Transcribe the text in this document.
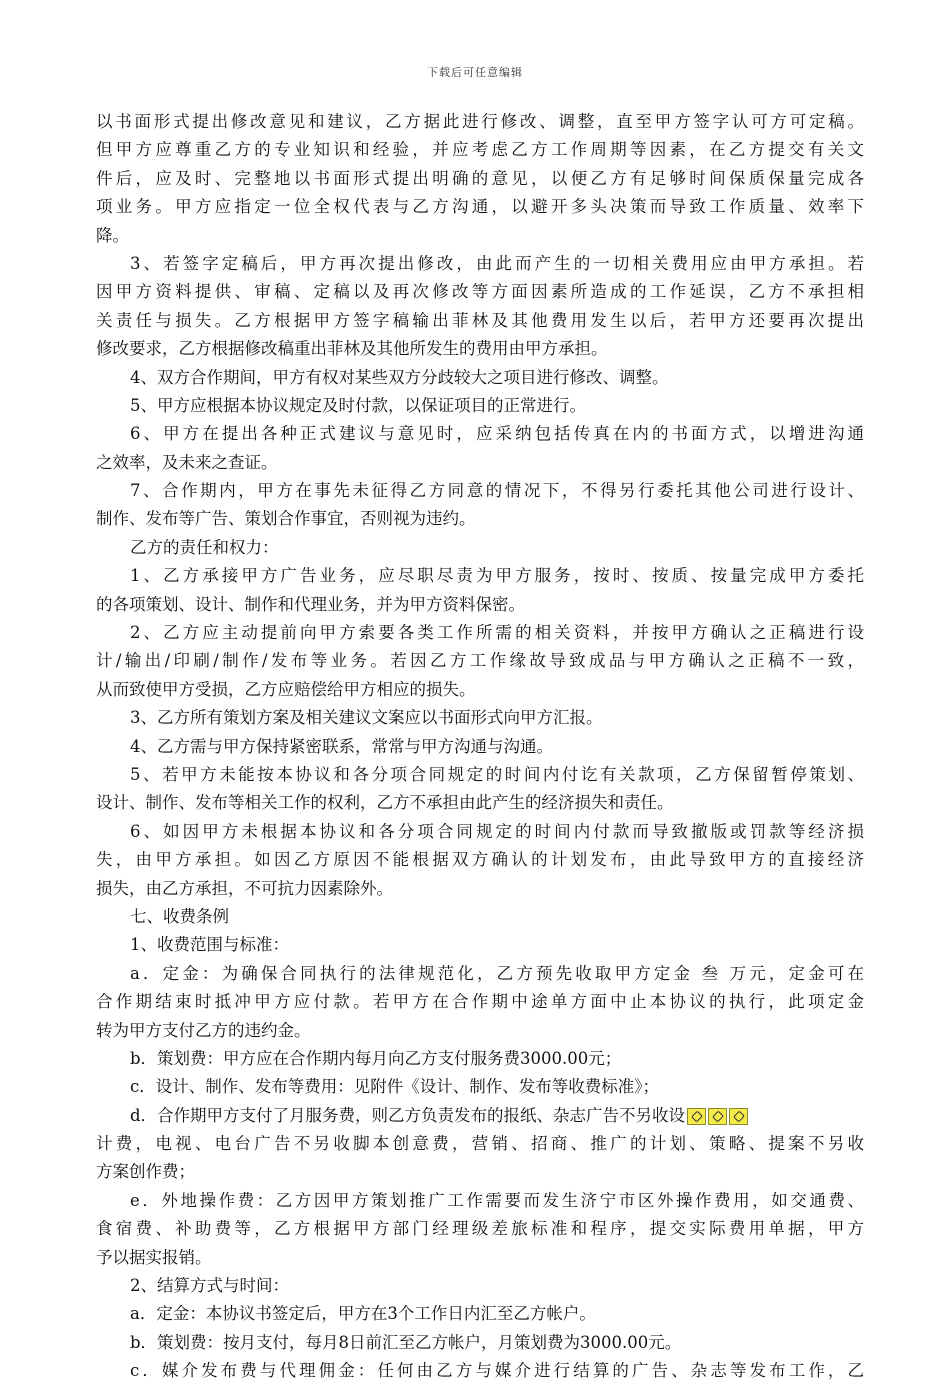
下载后可任意编辑
以书面形式提出修改意见和建议，乙方据此进行修改、调整，直至甲方签字认可方可定稿。
但甲方应尊重乙方的专业知识和经验，并应考虑乙方工作周期等因素，在乙方提交有关文
件后，应及时、完整地以书面形式提出明确的意见，以便乙方有足够时间保质保量完成各
项业务。甲方应指定一位全权代表与乙方沟通，以避开多头决策而导致工作质量、效率下
降。
3、若签字定稿后，甲方再次提出修改，由此而产生的一切相关费用应由甲方承担。若
因甲方资料提供、审稿、定稿以及再次修改等方面因素所造成的工作延误，乙方不承担相
关责任与损失。乙方根据甲方签字稿输出菲林及其他费用发生以后，若甲方还要再次提出
修改要求，乙方根据修改稿重出菲林及其他所发生的费用由甲方承担。
4、双方合作期间，甲方有权对某些双方分歧较大之项目进行修改、调整。
5、甲方应根据本协议规定及时付款，以保证项目的正常进行。
6、甲方在提出各种正式建议与意见时，应采纳包括传真在内的书面方式，以增进沟通
之效率，及未来之查证。
7、合作期内，甲方在事先未征得乙方同意的情况下，不得另行委托其他公司进行设计、
制作、发布等广告、策划合作事宜，否则视为违约。
乙方的责任和权力：
1、乙方承接甲方广告业务，应尽职尽责为甲方服务，按时、按质、按量完成甲方委托
的各项策划、设计、制作和代理业务，并为甲方资料保密。
2、乙方应主动提前向甲方索要各类工作所需的相关资料，并按甲方确认之正稿进行设
计/输出/印刷/制作/发布等业务。若因乙方工作缘故导致成品与甲方确认之正稿不一致，
从而致使甲方受损，乙方应赔偿给甲方相应的损失。
3、乙方所有策划方案及相关建议文案应以书面形式向甲方汇报。
4、乙方需与甲方保持紧密联系，常常与甲方沟通与沟通。
5、若甲方未能按本协议和各分项合同规定的时间内付讫有关款项，乙方保留暂停策划、
设计、制作、发布等相关工作的权利，乙方不承担由此产生的经济损失和责任。
6、如因甲方未根据本协议和各分项合同规定的时间内付款而导致撤版或罚款等经济损
失，由甲方承担。如因乙方原因不能根据双方确认的计划发布，由此导致甲方的直接经济
损失，由乙方承担，不可抗力因素除外。
七、收费条例
1、收费范围与标准：
a．定金：为确保合同执行的法律规范化，乙方预先收取甲方定金 叁 万元，定金可在
合作期结束时抵冲甲方应付款。若甲方在合作期中途单方面中止本协议的执行，此项定金
转为甲方支付乙方的违约金。
b．策划费：甲方应在合作期内每月向乙方支付服务费3000.00元；
c．设计、制作、发布等费用：见附件《设计、制作、发布等收费标准》；
d．合作期甲方支付了月服务费，则乙方负责发布的报纸、杂志广告不另收设
计费，电视、电台广告不另收脚本创意费，营销、招商、推广的计划、策略、提案不另收
方案创作费；
e．外地操作费：乙方因甲方策划推广工作需要而发生济宁市区外操作费用，如交通费、
食宿费、补助费等，乙方根据甲方部门经理级差旅标准和程序，提交实际费用单据，甲方
予以据实报销。
2、结算方式与时间：
a．定金：本协议书签定后，甲方在3个工作日内汇至乙方帐户。
b．策划费：按月支付，每月8日前汇至乙方帐户，月策划费为3000.00元。
c．媒介发布费与代理佣金：任何由乙方与媒介进行结算的广告、杂志等发布工作，乙
